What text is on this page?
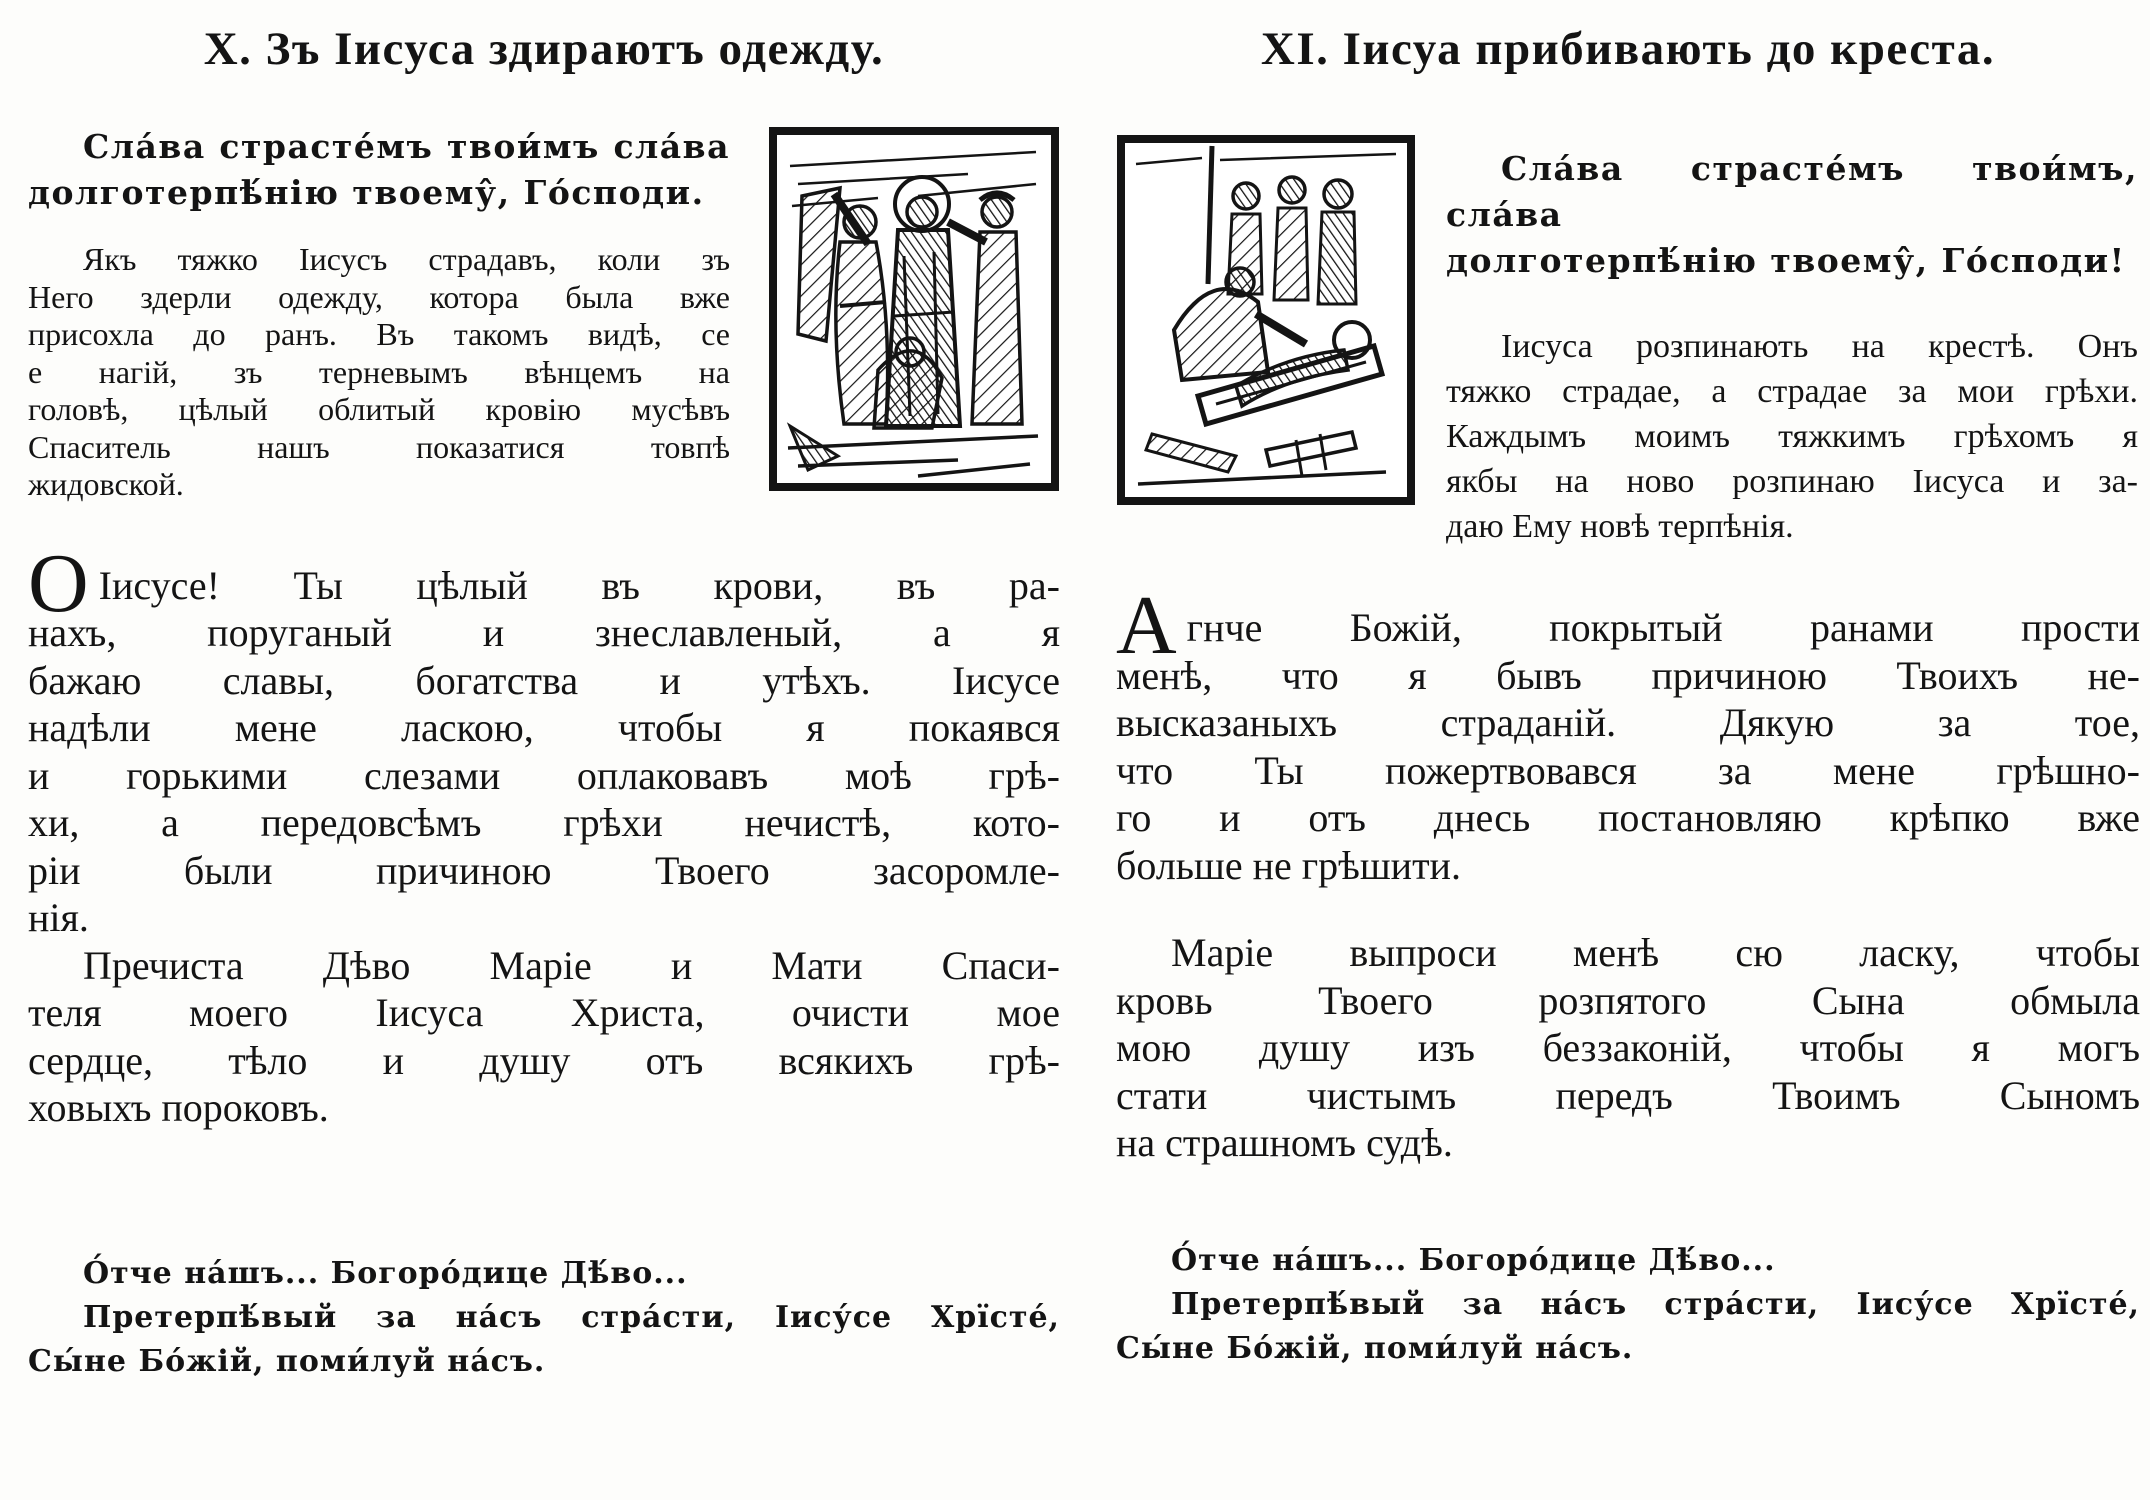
X. Зъ Іисуса здираютъ одежду.
Сла́ва страсте́мъ твои́мъ сла́ва
долготерпѣ́нію твоему̂, Го́споди.
Якъ тяжко Іисусъ страдавъ, коли зъ
Него здерли одежду, котора была вже
присохла до ранъ. Въ такомъ видѣ, се
е нагій, зъ терневымъ вѣнцемъ на
головѣ, цѣлый облитый кровію мусѣвъ
Спаситель нашъ показатися товпѣ
жидовской.
О Іисусе! Ты цѣлый въ крови, въ ра-
нахъ, поруганый и знеславленый, а я
бажаю славы, богатства и утѣхъ. Іисусе
надѣли мене ласкою, чтобы я покаявся
и горькими слезами оплаковавъ моѣ грѣ-
хи, а передовсѣмъ грѣхи нечистѣ, кото-
ріи были причиною Твоего засоромле-
нія.
Пречиста Дѣво Маріе и Мати Спаси-
теля моего Іисуса Христа, очисти мое
сердце, тѣло и душу отъ всякихъ грѣ-
ховыхъ пороковъ.
О́тче на́шъ... Богоро́дице Дѣ́во...
Претерпѣ́вый за на́съ стра́сти, Іису́се Хрїсте́,
Сы́не Бо́жій, поми́луй на́съ.
XI. Іисуа прибивають до креста.
Сла́ва страсте́мъ твои́мъ, сла́ва
долготерпѣ́нію твоему̂, Го́споди!
Іисуса розпинають на крестѣ. Онъ
тяжко страдае, а страдае за мои грѣхи.
Каждымъ моимъ тяжкимъ грѣхомъ я
якбы на ново розпинаю Іисуса и за-
даю Ему новѣ терпѣнія.
Агнче Божій, покрытый ранами прости
менѣ, что я бывъ причиною Твоихъ не-
высказаныхъ страданій. Дякую за тое,
что Ты пожертвовався за мене грѣшно-
го и отъ днесь постановляю крѣпко вже
больше не грѣшити.
Маріе выпроси менѣ сю ласку, чтобы
кровь Твоего розпятого Сына обмыла
мою душу изъ беззаконій, чтобы я могъ
стати чистымъ передъ Твоимъ Сыномъ
на страшномъ судѣ.
О́тче на́шъ... Богоро́дице Дѣ́во...
Претерпѣ́вый за на́съ стра́сти, Іису́се Хрїсте́,
Сы́не Бо́жій, поми́луй на́съ.
